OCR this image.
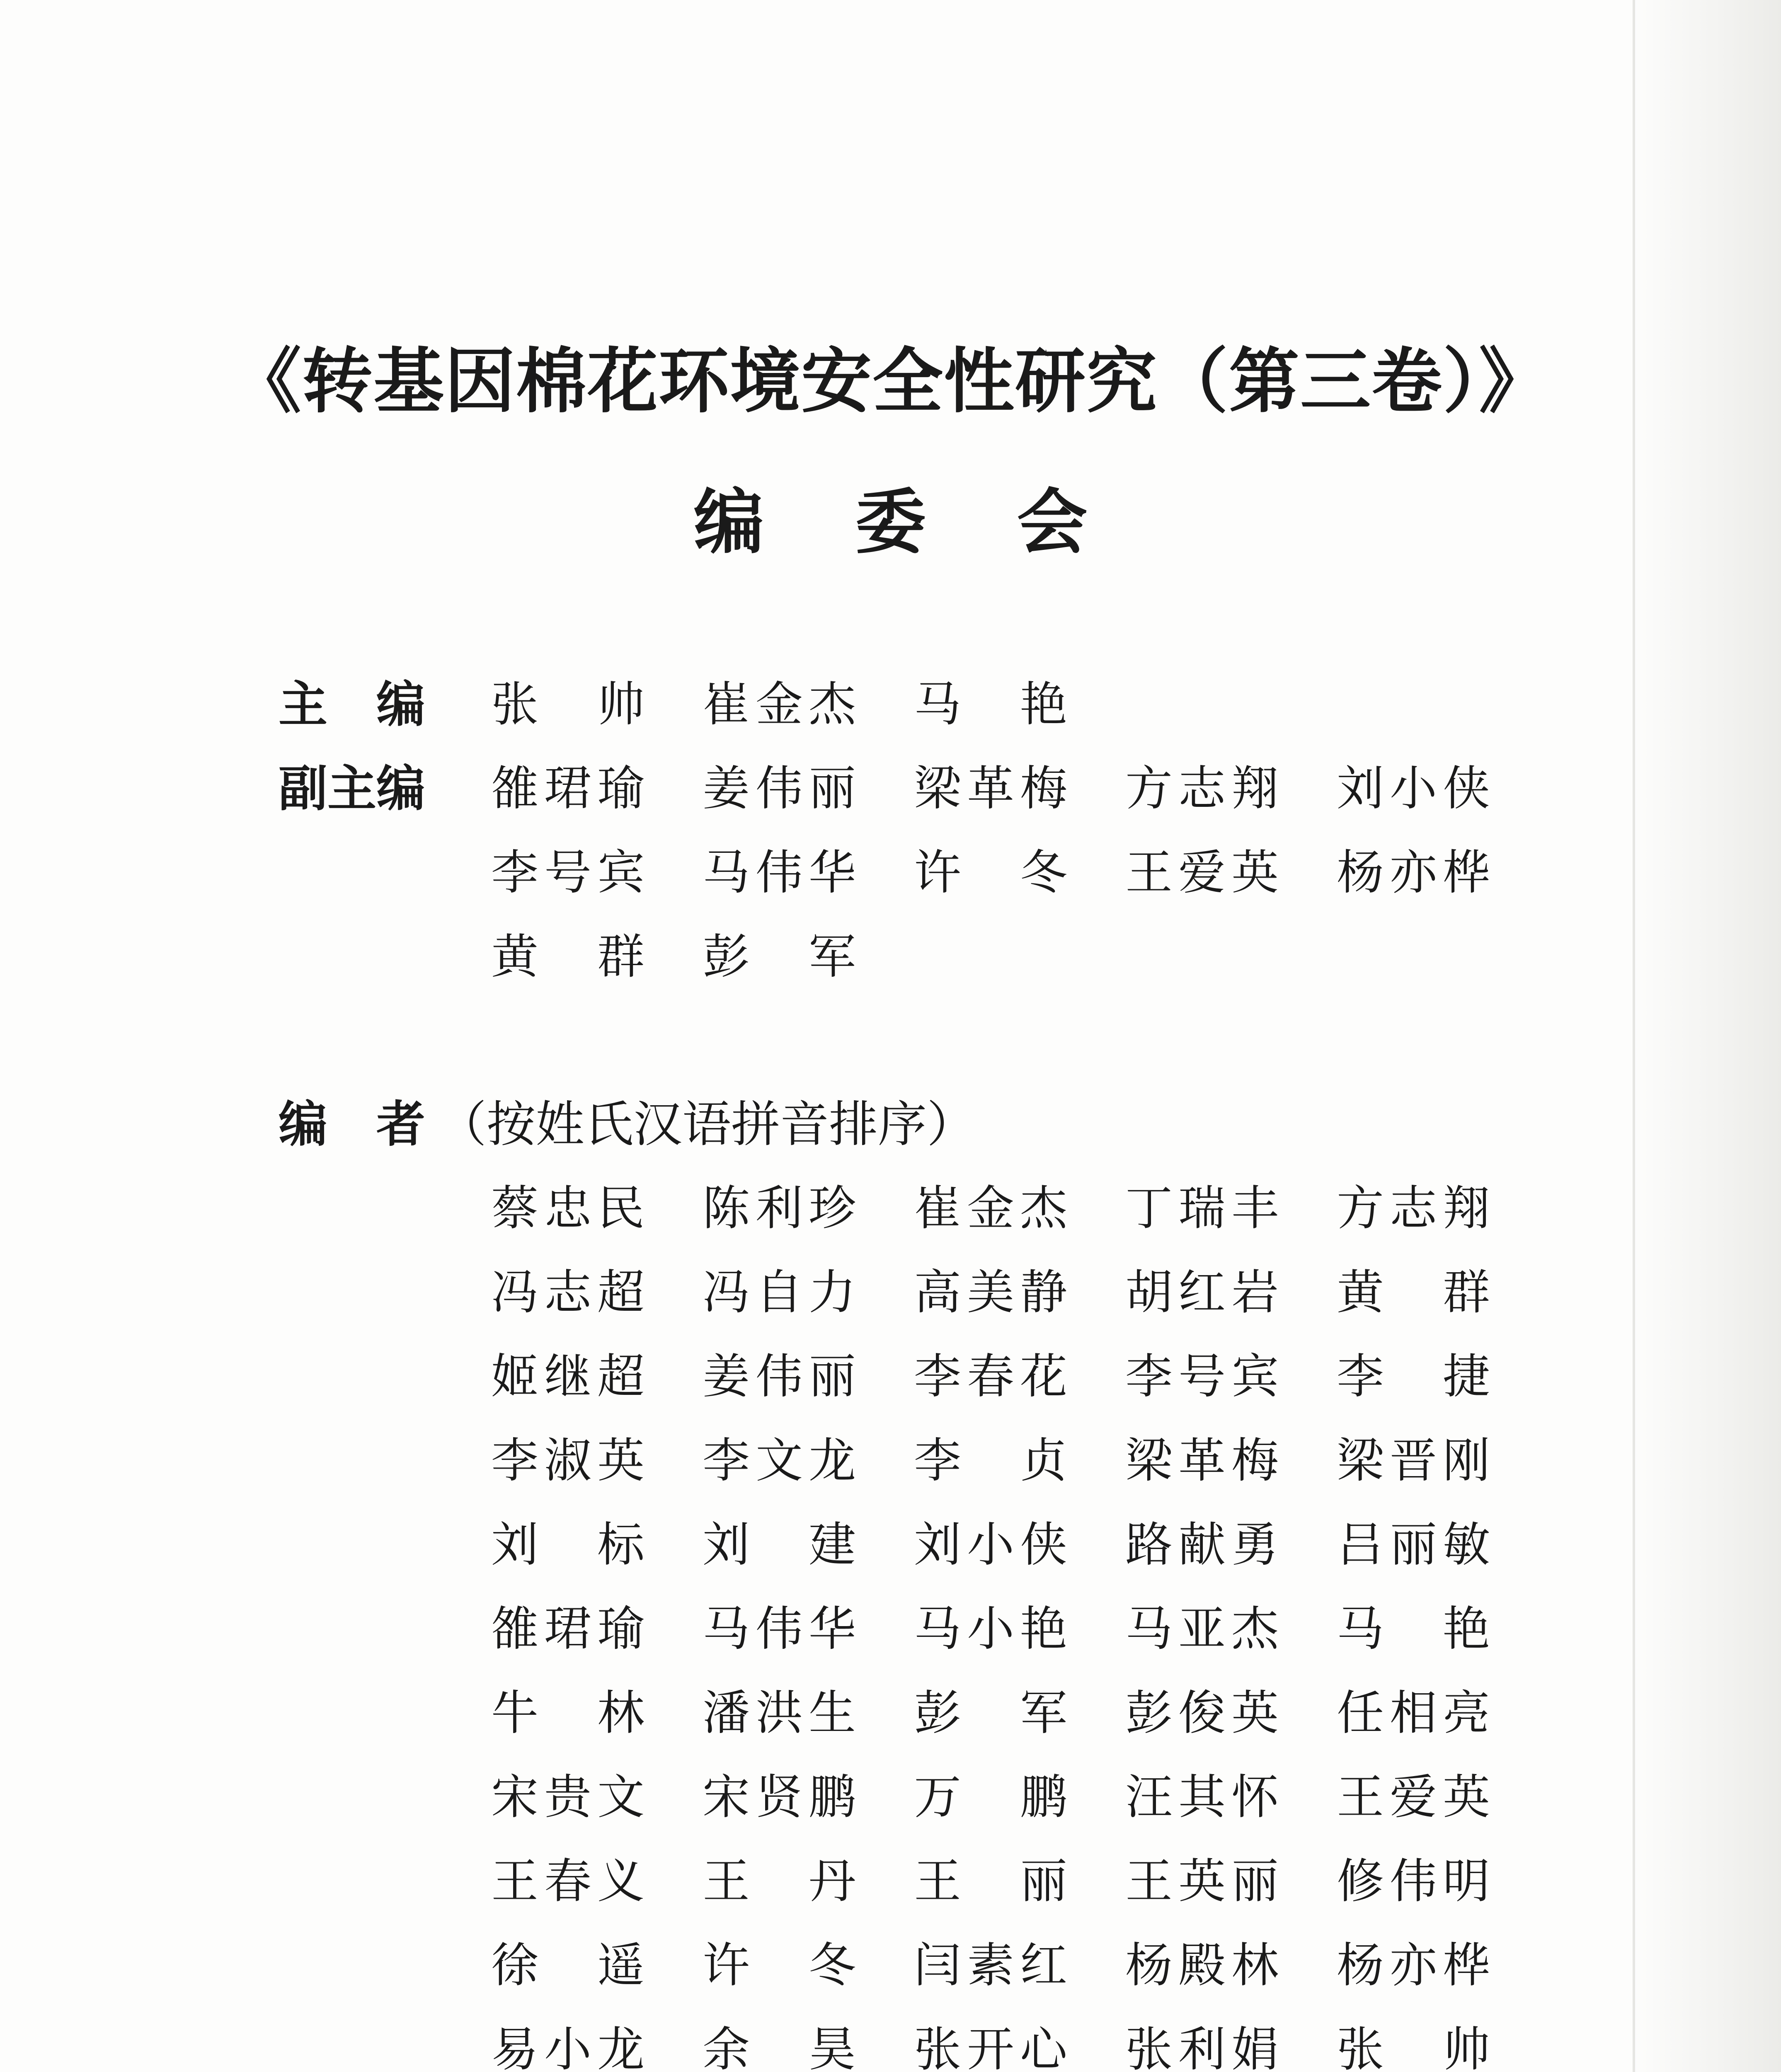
《转基因棉花环境安全性研究（第三卷）》
编 委 会
主 编 张 帅 崔 金 杰 马 艳
副主编 雒 珺 瑜 姜 伟 丽 梁 革 梅 方 志 翔 刘 小 侠
李 号 宾 马 伟 华 许 冬 王 爱 英 杨 亦 桦
黄 群 彭 军
编 者 （按姓氏汉语拼音排序）
蔡 忠 民 陈 利 珍 崔 金 杰 丁 瑞 丰 方 志 翔
冯 志 超 冯 自 力 高 美 静 胡 红 岩 黄 群
姬 继 超 姜 伟 丽 李 春 花 李 号 宾 李 捷
李 淑 英 李 文 龙 李 贞 梁 革 梅 梁 晋 刚
刘 标 刘 建 刘 小 侠 路 献 勇 吕 丽 敏
雒 珺 瑜 马 伟 华 马 小 艳 马 亚 杰 马 艳
牛 林 潘 洪 生 彭 军 彭 俊 英 任 相 亮
宋 贵 文 宋 贤 鹏 万 鹏 汪 其 怀 王 爱 英
王 春 义 王 丹 王 丽 王 英 丽 修 伟 明
徐 遥 许 冬 闫 素 红 杨 殿 林 杨 亦 桦
易 小 龙 余 昊 张 开 心 张 利 娟 张 帅
